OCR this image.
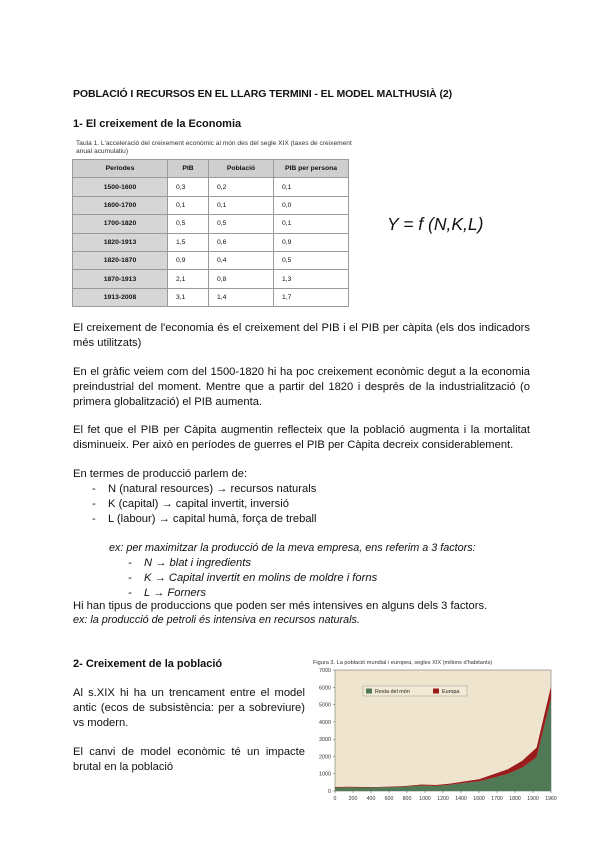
POBLACIÓ I RECURSOS EN EL LLARG TERMINI - EL MODEL MALTHUSIÀ (2)
1- El creixement de la Economia
Taula 1. L'acceleració del creixement econòmic al món des del segle XIX (taxes de creixement anual acumulatiu)
Períodes	PIB	Població	PIB per persona
1500-1600	0,3	0,2	0,1
1600-1700	0,1	0,1	0,0
1700-1820	0,5	0,5	0,1
1820-1913	1,5	0,6	0,9
1820-1870	0,9	0,4	0,5
1870-1913	2,1	0,8	1,3
1913-2008	3,1	1,4	1,7
Y = f (N,K,L)
El creixement de l'economia és el creixement del PIB i el PIB per càpita (els dos indicadors més utilitzats)
En el gràfic veiem com del 1500-1820 hi ha poc creixement econòmic degut a la economia preindustrial del moment. Mentre que a partir del 1820 i després de la industrialització (o primera globalització) el PIB aumenta.
El fet que el PIB per Càpita augmentin reflecteix que la població augmenta i la mortalitat disminueix. Per això en períodes de guerres el PIB per Càpita decreix considerablement.
En termes de producció parlem de:
- N (natural resources) → recursos naturals
- K (capital) → capital invertit, inversió
- L (labour) → capital humà, força de treball
ex: per maximitzar la producció de la meva empresa, ens referim a 3 factors:
- N → blat i ingredients
- K → Capital invertit en molins de moldre i forns
- L → Forners
Hi han tipus de produccions que poden ser més intensives en alguns dels 3 factors.
ex: la producció de petroli és intensiva en recursos naturals.
2- Creixement de la població
Al s.XIX hi ha un trencament entre el model antic (ecos de subsistència: per a sobreviure) vs modern.
El canvi de model econòmic té un impacte brutal en la població
Figura 3. La població mundial i europea, segles XIX (milions d'habitants)
0
1000
2000
3000
4000
5000
6000
7000
0 200 400 600 800 1000 1200 1400 1600 1700 1800 1900 1960
Resta del món	Europa
